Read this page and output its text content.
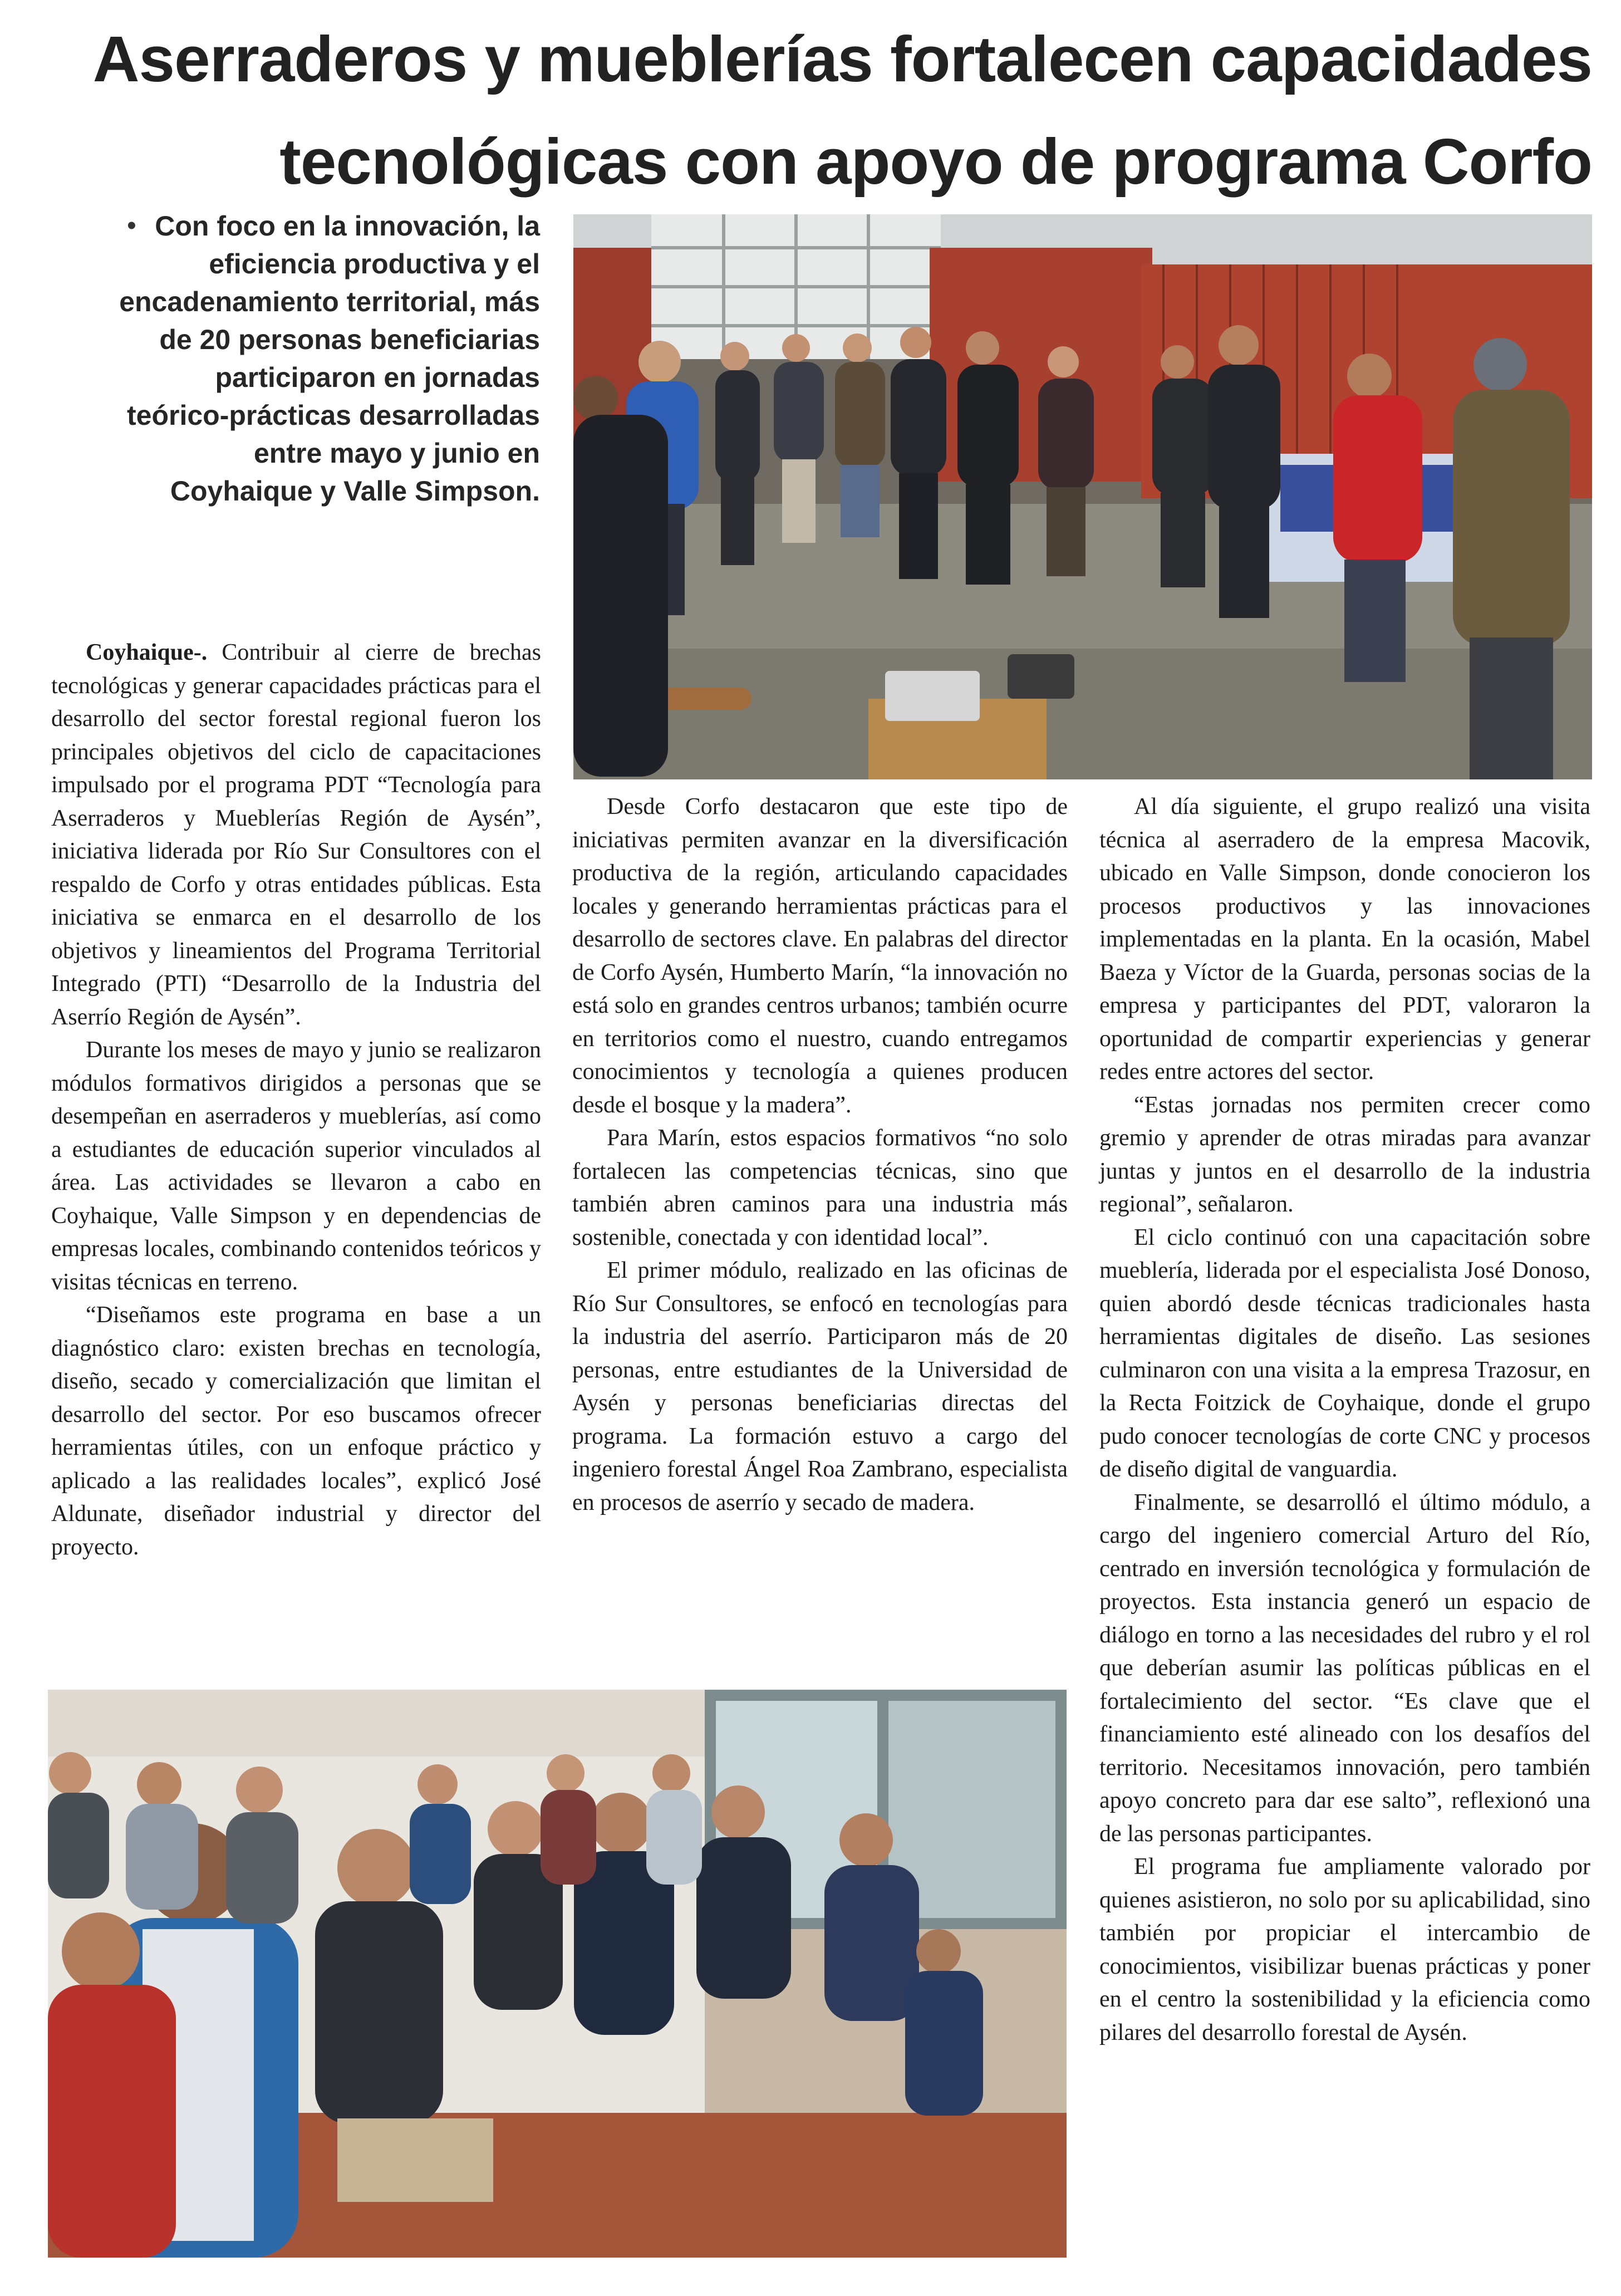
Aserraderos y mueblerías fortalecen capacidades
tecnológicas con apoyo de programa Corfo
• Con foco en la innovación, la eficiencia productiva y el encadenamiento territorial, más de 20 personas beneficiarias participaron en jornadas teórico-prácticas desarrolladas entre mayo y junio en Coyhaique y Valle Simpson.

Coyhaique-. Contribuir al cierre de brechas tecnológicas y generar capacidades prácticas para el desarrollo del sector forestal regional fueron los principales objetivos del ciclo de capacitaciones impulsado por el programa PDT “Tecnología para Aserraderos y Mueblerías Región de Aysén”, iniciativa liderada por Río Sur Consultores con el respaldo de Corfo y otras entidades públicas. Esta iniciativa se enmarca en el desarrollo de los objetivos y lineamientos del Programa Territorial Integrado (PTI) “Desarrollo de la Industria del Aserrío Región de Aysén”.

Durante los meses de mayo y junio se realizaron módulos formativos dirigidos a personas que se desempeñan en aserraderos y mueblerías, así como a estudiantes de educación superior vinculados al área. Las actividades se llevaron a cabo en Coyhaique, Valle Simpson y en dependencias de empresas locales, combinando contenidos teóricos y visitas técnicas en terreno.

“Diseñamos este programa en base a un diagnóstico claro: existen brechas en tecnología, diseño, secado y comercialización que limitan el desarrollo del sector. Por eso buscamos ofrecer herramientas útiles, con un enfoque práctico y aplicado a las realidades locales”, explicó José Aldunate, diseñador industrial y director del proyecto.

Desde Corfo destacaron que este tipo de iniciativas permiten avanzar en la diversificación productiva de la región, articulando capacidades locales y generando herramientas prácticas para el desarrollo de sectores clave. En palabras del director de Corfo Aysén, Humberto Marín, “la innovación no está solo en grandes centros urbanos; también ocurre en territorios como el nuestro, cuando entregamos conocimientos y tecnología a quienes producen desde el bosque y la madera”.

Para Marín, estos espacios formativos “no solo fortalecen las competencias técnicas, sino que también abren caminos para una industria más sostenible, conectada y con identidad local”.

El primer módulo, realizado en las oficinas de Río Sur Consultores, se enfocó en tecnologías para la industria del aserrío. Participaron más de 20 personas, entre estudiantes de la Universidad de Aysén y personas beneficiarias directas del programa. La formación estuvo a cargo del ingeniero forestal Ángel Roa Zambrano, especialista en procesos de aserrío y secado de madera.

Al día siguiente, el grupo realizó una visita técnica al aserradero de la empresa Macovik, ubicado en Valle Simpson, donde conocieron los procesos productivos y las innovaciones implementadas en la planta. En la ocasión, Mabel Baeza y Víctor de la Guarda, personas socias de la empresa y participantes del PDT, valoraron la oportunidad de compartir experiencias y generar redes entre actores del sector.

“Estas jornadas nos permiten crecer como gremio y aprender de otras miradas para avanzar juntas y juntos en el desarrollo de la industria regional”, señalaron.

El ciclo continuó con una capacitación sobre mueblería, liderada por el especialista José Donoso, quien abordó desde técnicas tradicionales hasta herramientas digitales de diseño. Las sesiones culminaron con una visita a la empresa Trazosur, en la Recta Foitzick de Coyhaique, donde el grupo pudo conocer tecnologías de corte CNC y procesos de diseño digital de vanguardia.

Finalmente, se desarrolló el último módulo, a cargo del ingeniero comercial Arturo del Río, centrado en inversión tecnológica y formulación de proyectos. Esta instancia generó un espacio de diálogo en torno a las necesidades del rubro y el rol que deberían asumir las políticas públicas en el fortalecimiento del sector. “Es clave que el financiamiento esté alineado con los desafíos del territorio. Necesitamos innovación, pero también apoyo concreto para dar ese salto”, reflexionó una de las personas participantes.

El programa fue ampliamente valorado por quienes asistieron, no solo por su aplicabilidad, sino también por propiciar el intercambio de conocimientos, visibilizar buenas prácticas y poner en el centro la sostenibilidad y la eficiencia como pilares del desarrollo forestal de Aysén.
